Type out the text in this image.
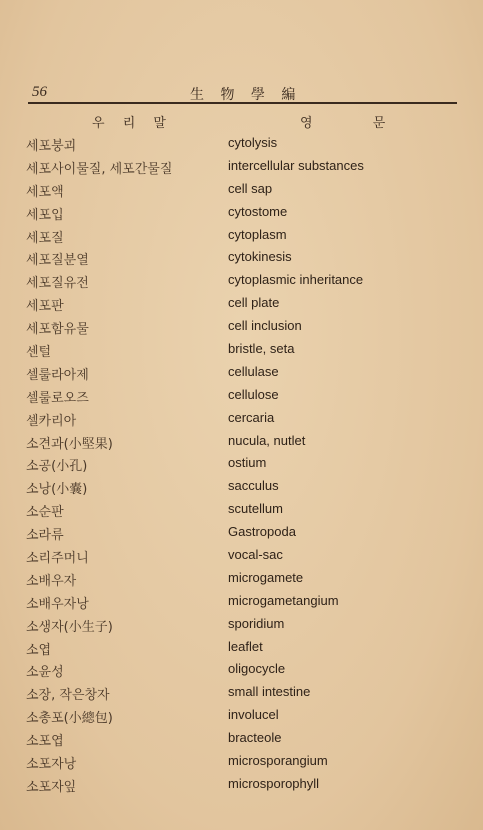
56	生 物 學 編
우 리 말	영 문
세포붕괴	cytolysis
세포사이물질, 세포간물질	intercellular substances
세포액	cell sap
세포입	cytostome
세포질	cytoplasm
세포질분열	cytokinesis
세포질유전	cytoplasmic inheritance
세포판	cell plate
세포함유물	cell inclusion
센털	bristle, seta
셀룰라아제	cellulase
셀룰로오즈	cellulose
셀카리아	cercaria
소견과(小堅果)	nucula, nutlet
소공(小孔)	ostium
소낭(小嚢)	sacculus
소순판	scutellum
소라류	Gastropoda
소리주머니	vocal-sac
소배우자	microgamete
소배우자낭	microgametangium
소생자(小生子)	sporidium
소엽	leaflet
소윤성	oligocycle
소장, 작은창자	small intestine
소총포(小總包)	involucel
소포엽	bracteole
소포자낭	microsporangium
소포자잎	microsporophyll
